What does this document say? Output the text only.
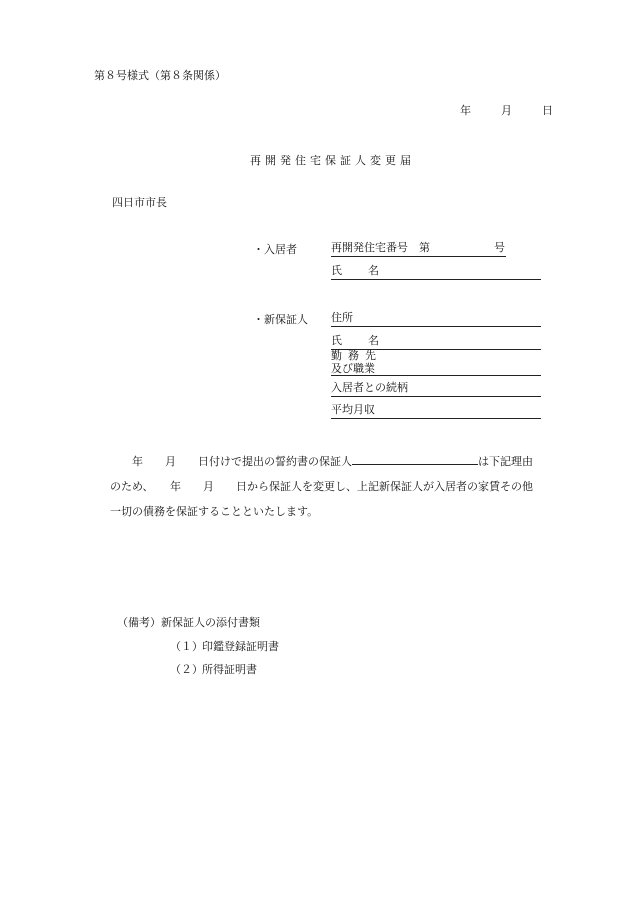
第８号様式（第８条関係）
年	月	日
再開発住宅保証人変更届
四日市市長
・入居者	再開発住宅番号　第	号
氏 名
・新保証人 住所
氏 名
勤務先
及び職業
入居者との続柄
平均月収
　　年　　月　　日付けで提出の誓約書の保証人	は下記理由
のため、　　年　　月　　日から保証人を変更し、上記新保証人が入居者の家賃その他
一切の債務を保証することといたします。
（備考）新保証人の添付書類
（１）印鑑登録証明書
（２）所得証明書
